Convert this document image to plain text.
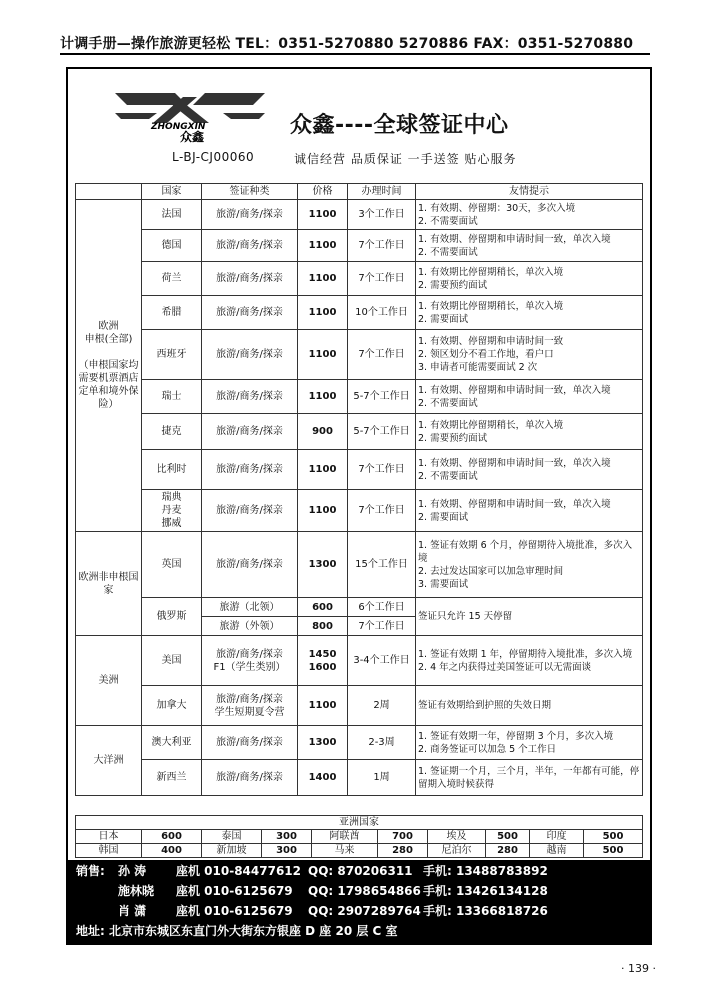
计调手册—操作旅游更轻松 TEL：0351-5270880 5270886 FAX：0351-5270880
ZHONGXIN
众鑫
L-BJ-CJ00060
众鑫----全球签证中心
诚信经营 品质保证 一手送签 贴心服务
	国家	签证种类	价格	办理时间	友情提示
欧洲
申根(全部)

（申根国家均需要机票酒店定单和境外保险）	法国	旅游/商务/探亲	1100	3个工作日	1. 有效期、停留期：30天，多次入境
2. 不需要面试
	德国	旅游/商务/探亲	1100	7个工作日	1. 有效期、停留期和申请时间一致，单次入境
2. 不需要面试
	荷兰	旅游/商务/探亲	1100	7个工作日	1. 有效期比停留期稍长，单次入境
2. 需要预约面试
	希腊	旅游/商务/探亲	1100	10个工作日	1. 有效期比停留期稍长，单次入境
2. 需要面试
	西班牙	旅游/商务/探亲	1100	7个工作日	1. 有效期、停留期和申请时间一致
2. 领区划分不看工作地，看户口
3. 申请者可能需要面试 2 次
	瑞士	旅游/商务/探亲	1100	5-7个工作日	1. 有效期、停留期和申请时间一致，单次入境
2. 不需要面试
	捷克	旅游/商务/探亲	900	5-7个工作日	1. 有效期比停留期稍长，单次入境
2. 需要预约面试
	比利时	旅游/商务/探亲	1100	7个工作日	1. 有效期、停留期和申请时间一致，单次入境
2. 不需要面试
	瑞典
丹麦
挪威	旅游/商务/探亲	1100	7个工作日	1. 有效期、停留期和申请时间一致，单次入境
2. 需要面试
欧洲非申根国家	英国	旅游/商务/探亲	1300	15个工作日	1. 签证有效期 6 个月，停留期待入境批准，多次入境
2. 去过发达国家可以加急审理时间
3. 需要面试
	俄罗斯	旅游（北领）	600	6个工作日	签证只允许 15 天停留
		旅游（外领）	800	7个工作日	
美洲	美国	旅游/商务/探亲
F1（学生类别）	1450
1600	3-4个工作日	1. 签证有效期 1 年，停留期待入境批准，多次入境
2. 4 年之内获得过美国签证可以无需面谈
	加拿大	旅游/商务/探亲
学生短期夏令营	1100	2周	签证有效期给到护照的失效日期
大洋洲	澳大利亚	旅游/商务/探亲	1300	2-3周	1. 签证有效期一年，停留期 3 个月，多次入境
2. 商务签证可以加急 5 个工作日
	新西兰	旅游/商务/探亲	1400	1周	1. 签证期一个月，三个月，半年，一年都有可能，停留期入境时候获得
亚洲国家									
日本	600	泰国	300	阿联酋	700	埃及	500	印度	500
韩国	400	新加坡	300	马来	280	尼泊尔	280	越南	500
销售: 孙 涛 座机 010-84477612 QQ: 870206311 手机: 13488783892
施林晓 座机 010-6125679 QQ: 1798654866 手机: 13426134128
肖 潇 座机 010-6125679 QQ: 2907289764 手机: 13366818726
地址: 北京市东城区东直门外大街东方银座 D 座 20 层 C 室
· 139 ·
